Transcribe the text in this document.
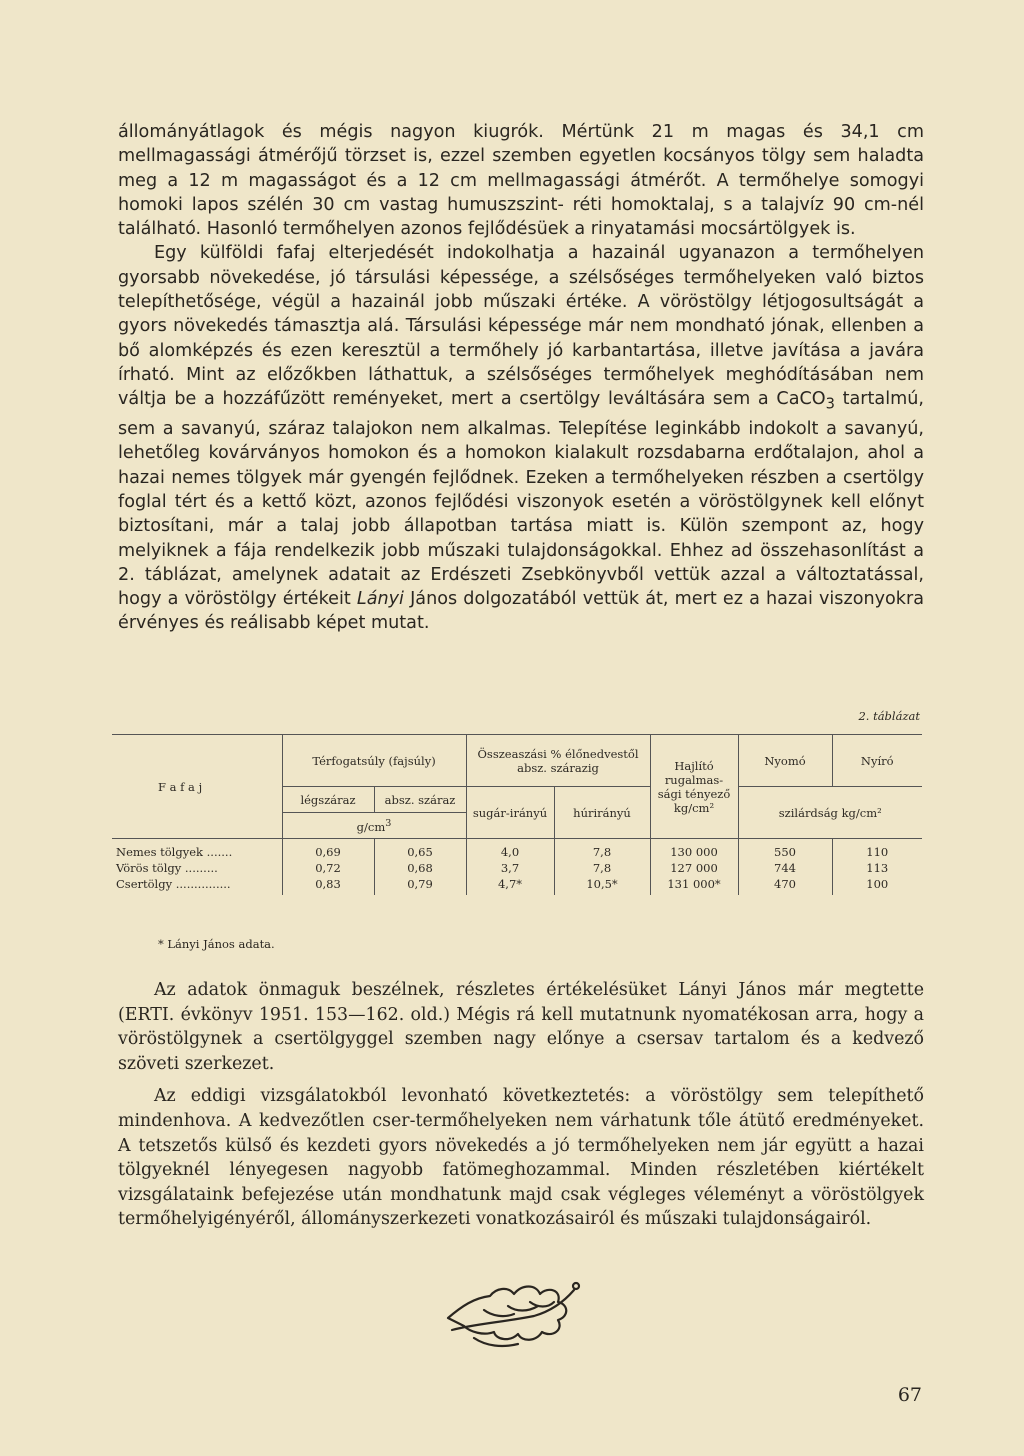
állományátlagok és mégis nagyon kiugrók. Mértünk 21 m magas és 34,1 cm mellmagassági átmérőjű törzset is, ezzel szemben egyetlen kocsányos tölgy sem haladta meg a 12 m magasságot és a 12 cm mellmagassági átmérőt. A termőhelye somogyi homoki lapos szélén 30 cm vastag humuszszint- réti homoktalaj, s a talajvíz 90 cm-nél található. Hasonló termőhelyen azonos fejlődésüek a rinyatamási mocsártölgyek is.

Egy külföldi fafaj elterjedését indokolhatja a hazainál ugyanazon a termőhelyen gyorsabb növekedése, jó társulási képessége, a szélsőséges termőhelyeken való biztos telepíthetősége, végül a hazainál jobb műszaki értéke. A vöröstölgy létjogosultságát a gyors növekedés támasztja alá. Társulási képessége már nem mondható jónak, ellenben a bő alomképzés és ezen keresztül a termőhely jó karbantartása, illetve javítása a javára írható. Mint az előzőkben láthattuk, a szélsőséges termőhelyek meghódításában nem váltja be a hozzáfűzött reményeket, mert a csertölgy leváltására sem a CaCO$_3$ tartalmú, sem a savanyú, száraz talajokon nem alkalmas. Telepítése leginkább indokolt a savanyú, lehetőleg kovárványos homokon és a homokon kialakult rozsdabarna erdőtalajon, ahol a hazai nemes tölgyek már gyengén fejlődnek. Ezeken a termőhelyeken részben a csertölgy foglal tért és a kettő közt, azonos fejlődési viszonyok esetén a vöröstölgynek kell előnyt biztosítani, már a talaj jobb állapotban tartása miatt is. Külön szempont az, hogy melyiknek a fája rendelkezik jobb műszaki tulajdonságokkal. Ehhez ad összehasonlítást a 2. táblázat, amelynek adatait az Erdészeti Zsebkönyvből vettük azzal a változtatással, hogy a vöröstölgy értékeit Lányi János dolgozatából vettük át, mert ez a hazai viszonyokra érvényes és reálisabb képet mutat.

2. táblázat
F a f a j	Térfogatsúly (fajsúly)		Összeaszási % élőnedvestől absz. szárazig		Hajlító rugalmas-sági tényező kg/cm²	Nyomó	Nyíró
	légszáraz	absz. száraz	sugár-irányú	húrirányú		szilárdság kg/cm²	
	$g/cm^3$
Nemes tölgyek .......	0,69	0,65	4,0	7,8	130 000	550	110
Vörös tölgy .........	0,72	0,68	3,7	7,8	127 000	744	113
Csertölgy ...............	0,83	0,79	4,7*	10,5*	131 000*	470	100
* Lányi János adata.

Az adatok önmaguk beszélnek, részletes értékelésüket Lányi János már megtette (ERTI. évkönyv 1951. 153—162. old.) Mégis rá kell mutatnunk nyomatékosan arra, hogy a vöröstölgynek a csertölgyggel szemben nagy előnye a csersav tartalom és a kedvező szöveti szerkezet.

Az eddigi vizsgálatokból levonható következtetés: a vöröstölgy sem telepíthető mindenhova. A kedvezőtlen cser-termőhelyeken nem várhatunk tőle átütő eredményeket. A tetszetős külső és kezdeti gyors növekedés a jó termőhelyeken nem jár együtt a hazai tölgyeknél lényegesen nagyobb fatömeghozammal. Minden részletében kiértékelt vizsgálataink befejezése után mondhatunk majd csak végleges véleményt a vöröstölgyek termőhelyigényéről, állományszerkezeti vonatkozásairól és műszaki tulajdonságairól.

67
